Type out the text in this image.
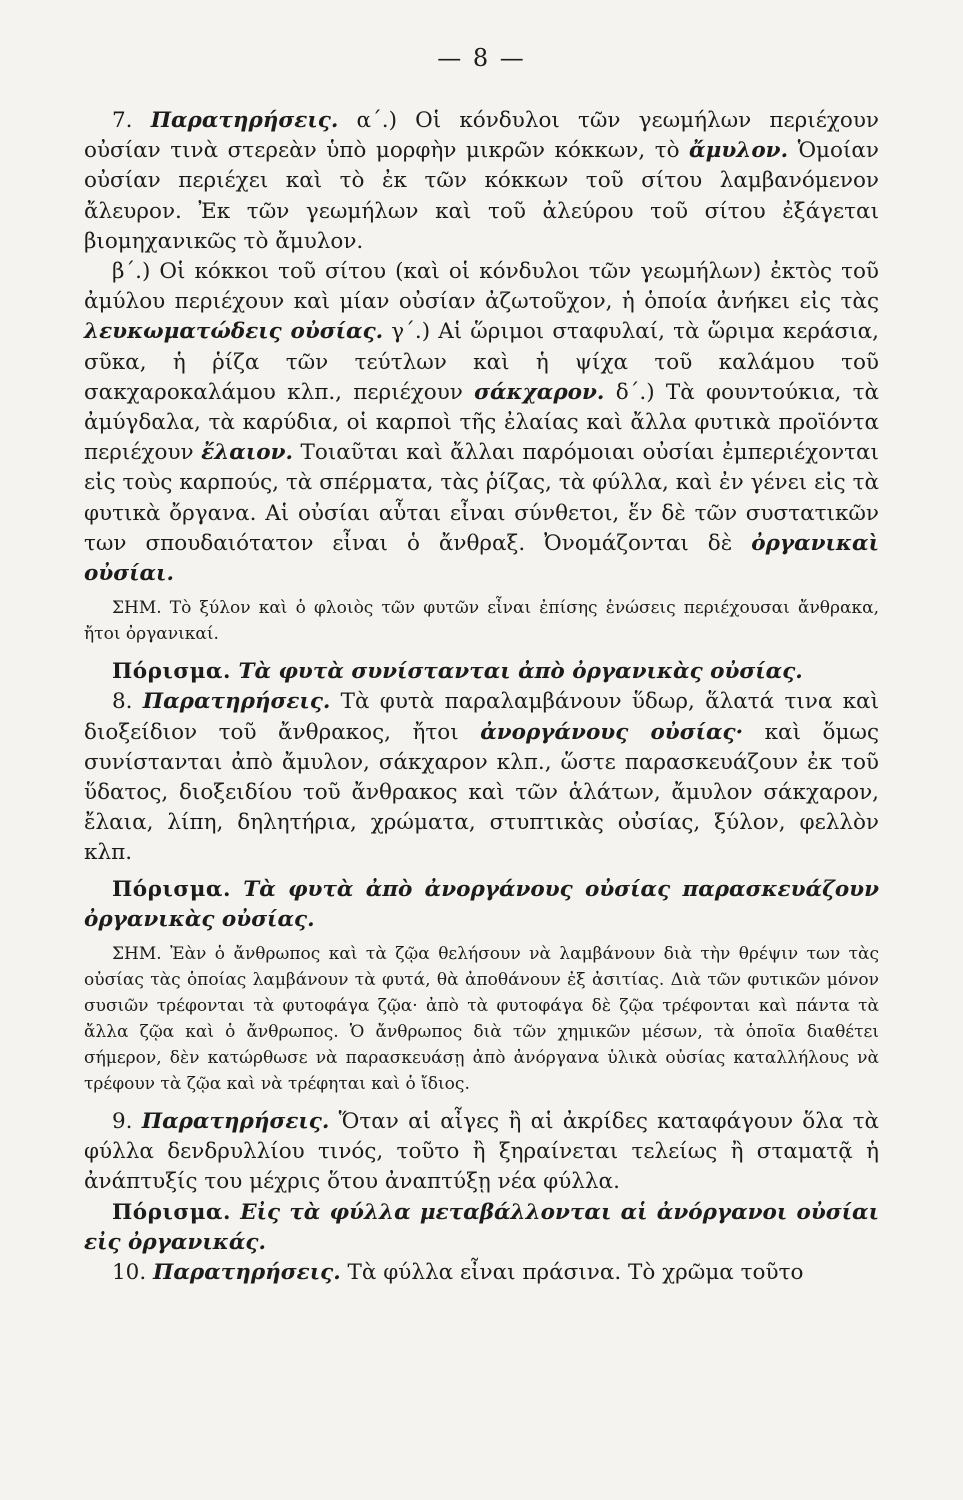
— 8 —

7. Παρατηρήσεις. α΄.) Οἱ κόνδυλοι τῶν γεωμήλων περιέχουν οὐσίαν τινὰ στερεὰν ὑπὸ μορφὴν μικρῶν κόκκων, τὸ ἄμυλον. Ὁμοίαν οὐσίαν περιέχει καὶ τὸ ἐκ τῶν κόκκων τοῦ σίτου λαμβανόμενον ἄλευρον. Ἐκ τῶν γεωμήλων καὶ τοῦ ἀλεύρου τοῦ σίτου ἐξάγεται βιομηχανικῶς τὸ ἄμυλον.

β΄.) Οἱ κόκκοι τοῦ σίτου (καὶ οἱ κόνδυλοι τῶν γεωμήλων) ἐκτὸς τοῦ ἀμύλου περιέχουν καὶ μίαν οὐσίαν ἀζωτοῦχον, ἡ ὁποία ἀνήκει εἰς τὰς λευκωματώδεις οὐσίας. γ΄.) Αἱ ὥριμοι σταφυλαί, τὰ ὥριμα κεράσια, σῦκα, ἡ ῥίζα τῶν τεύτλων καὶ ἡ ψίχα τοῦ καλάμου τοῦ σακχαροκαλάμου κλπ., περιέχουν σάκχαρον. δ΄.) Τὰ φουντούκια, τὰ ἀμύγδαλα, τὰ καρύδια, οἱ καρποὶ τῆς ἐλαίας καὶ ἄλλα φυτικὰ προϊόντα περιέχουν ἔλαιον. Τοιαῦται καὶ ἄλλαι παρόμοιαι οὐσίαι ἐμπεριέχονται εἰς τοὺς καρπούς, τὰ σπέρματα, τὰς ῥίζας, τὰ φύλλα, καὶ ἐν γένει εἰς τὰ φυτικὰ ὄργανα. Αἱ οὐσίαι αὗται εἶναι σύνθετοι, ἕν δὲ τῶν συστατικῶν των σπουδαιότατον εἶναι ὁ ἄνθραξ. Ὀνομάζονται δὲ ὀργανικαὶ οὐσίαι.

ΣΗΜ. Τὸ ξύλον καὶ ὁ φλοιὸς τῶν φυτῶν εἶναι ἐπίσης ἑνώσεις περιέχουσαι ἄνθρακα, ἤτοι ὀργανικαί.

Πόρισμα. Τὰ φυτὰ συνίστανται ἀπὸ ὀργανικὰς οὐσίας.

8. Παρατηρήσεις. Τὰ φυτὰ παραλαμβάνουν ὕδωρ, ἅλατά τινα καὶ διοξείδιον τοῦ ἄνθρακος, ἤτοι ἀνοργάνους οὐσίας· καὶ ὅμως συνίστανται ἀπὸ ἄμυλον, σάκχαρον κλπ., ὥστε παρασκευάζουν ἐκ τοῦ ὕδατος, διοξειδίου τοῦ ἄνθρακος καὶ τῶν ἁλάτων, ἄμυλον σάκχαρον, ἔλαια, λίπη, δηλητήρια, χρώματα, στυπτικὰς οὐσίας, ξύλον, φελλὸν κλπ.

Πόρισμα. Τὰ φυτὰ ἀπὸ ἀνοργάνους οὐσίας παρασκευάζουν ὀργανικὰς οὐσίας.

ΣΗΜ. Ἐὰν ὁ ἄνθρωπος καὶ τὰ ζῷα θελήσουν νὰ λαμβάνουν διὰ τὴν θρέψιν των τὰς οὐσίας τὰς ὁποίας λαμβάνουν τὰ φυτά, θὰ ἀποθάνουν ἐξ ἀσιτίας. Διὰ τῶν φυτικῶν μόνον συσιῶν τρέφονται τὰ φυτοφάγα ζῷα· ἀπὸ τὰ φυτοφάγα δὲ ζῷα τρέφονται καὶ πάντα τὰ ἄλλα ζῷα καὶ ὁ ἄνθρωπος. Ὁ ἄνθρωπος διὰ τῶν χημικῶν μέσων, τὰ ὁποῖα διαθέτει σήμερον, δὲν κατώρθωσε νὰ παρασκευάσῃ ἀπὸ ἀνόργανα ὑλικὰ οὐσίας καταλλήλους νὰ τρέφουν τὰ ζῷα καὶ νὰ τρέφηται καὶ ὁ ἴδιος.

9. Παρατηρήσεις. Ὅταν αἱ αἶγες ἢ αἱ ἀκρίδες καταφάγουν ὅλα τὰ φύλλα δενδρυλλίου τινός, τοῦτο ἢ ξηραίνεται τελείως ἢ σταματᾷ ἡ ἀνάπτυξίς του μέχρις ὅτου ἀναπτύξῃ νέα φύλλα.

Πόρισμα. Εἰς τὰ φύλλα μεταβάλλονται αἱ ἀνόργανοι οὐσίαι εἰς ὀργανικάς.

10. Παρατηρήσεις. Τὰ φύλλα εἶναι πράσινα. Τὸ χρῶμα τοῦτο
